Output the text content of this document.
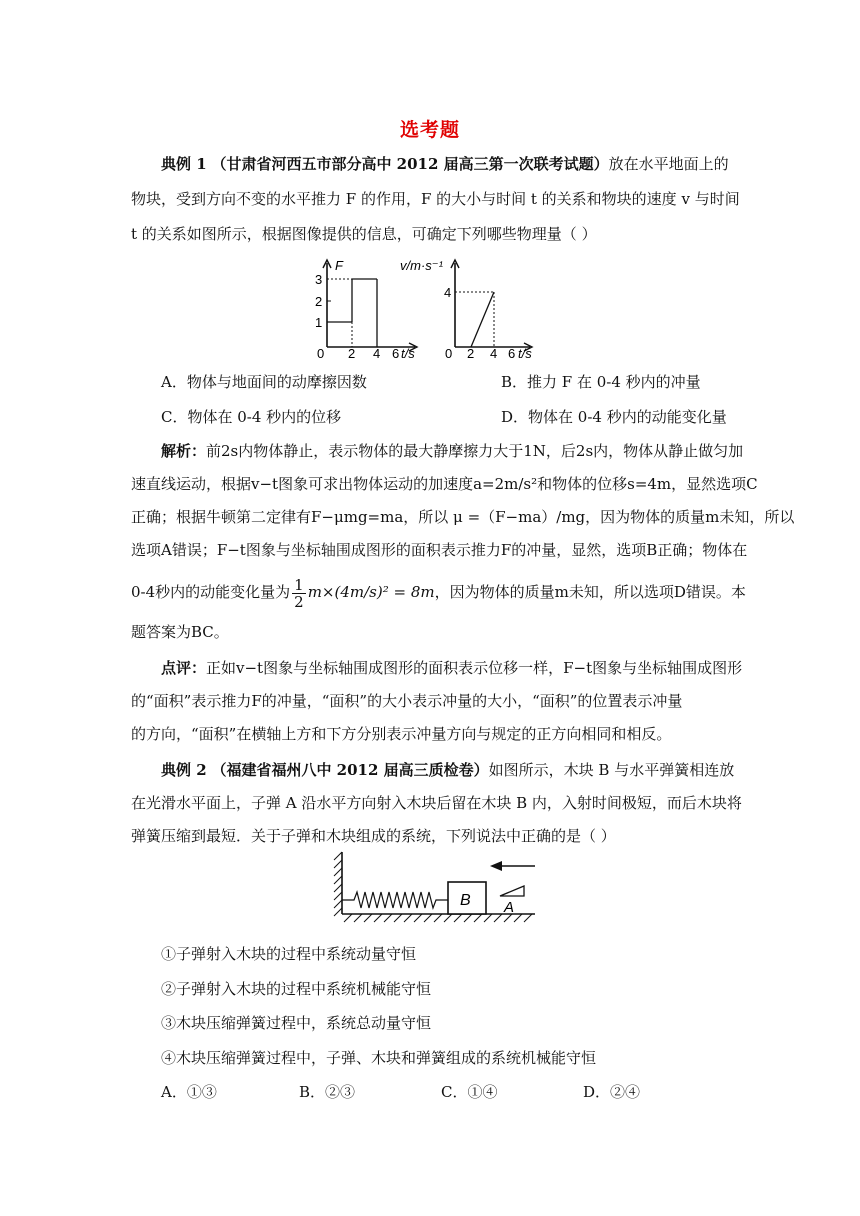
选考题
典例 1 （甘肃省河西五市部分高中 2012 届高三第一次联考试题）放在水平地面上的
物块，受到方向不变的水平推力 F 的作用，F 的大小与时间 t 的关系和物块的速度 v 与时间
t 的关系如图所示，根据图像提供的信息，可确定下列哪些物理量（ ）
F
3
2
1
0 2 4 6 t/s
v/m·s⁻¹
4
0 2 4 6 t/s
A．物体与地面间的动摩擦因数	B．推力 F 在 0-4 秒内的冲量
C．物体在 0-4 秒内的位移	D．物体在 0-4 秒内的动能变化量
解析：前2s内物体静止，表示物体的最大静摩擦力大于1N，后2s内，物体从静止做匀加
速直线运动，根据v−t图象可求出物体运动的加速度a=2m/s²和物体的位移s=4m，显然选项C
正确；根据牛顿第二定律有F−μmg=ma，所以 μ =（F−ma）/mg，因为物体的质量m未知，所以
选项A错误；F−t图象与坐标轴围成图形的面积表示推力F的冲量，显然，选项B正确；物体在
0-4秒内的动能变化量为 $\frac{1}{2} m\times(4m/s)^2 = 8m$，因为物体的质量m未知，所以选项D错误。本
题答案为BC。
点评：正如v−t图象与坐标轴围成图形的面积表示位移一样，F−t图象与坐标轴围成图形
的“面积”表示推力F的冲量，“面积”的大小表示冲量的大小，“面积”的位置表示冲量
的方向，“面积”在横轴上方和下方分别表示冲量方向与规定的正方向相同和相反。
典例 2 （福建省福州八中 2012 届高三质检卷）如图所示，木块 B 与水平弹簧相连放
在光滑水平面上，子弹 A 沿水平方向射入木块后留在木块 B 内，入射时间极短，而后木块将
弹簧压缩到最短．关于子弹和木块组成的系统，下列说法中正确的是（ ）
B A
①子弹射入木块的过程中系统动量守恒
②子弹射入木块的过程中系统机械能守恒
③木块压缩弹簧过程中，系统总动量守恒
④木块压缩弹簧过程中，子弹、木块和弹簧组成的系统机械能守恒
A．①③	B．②③	C．①④	D．②④
